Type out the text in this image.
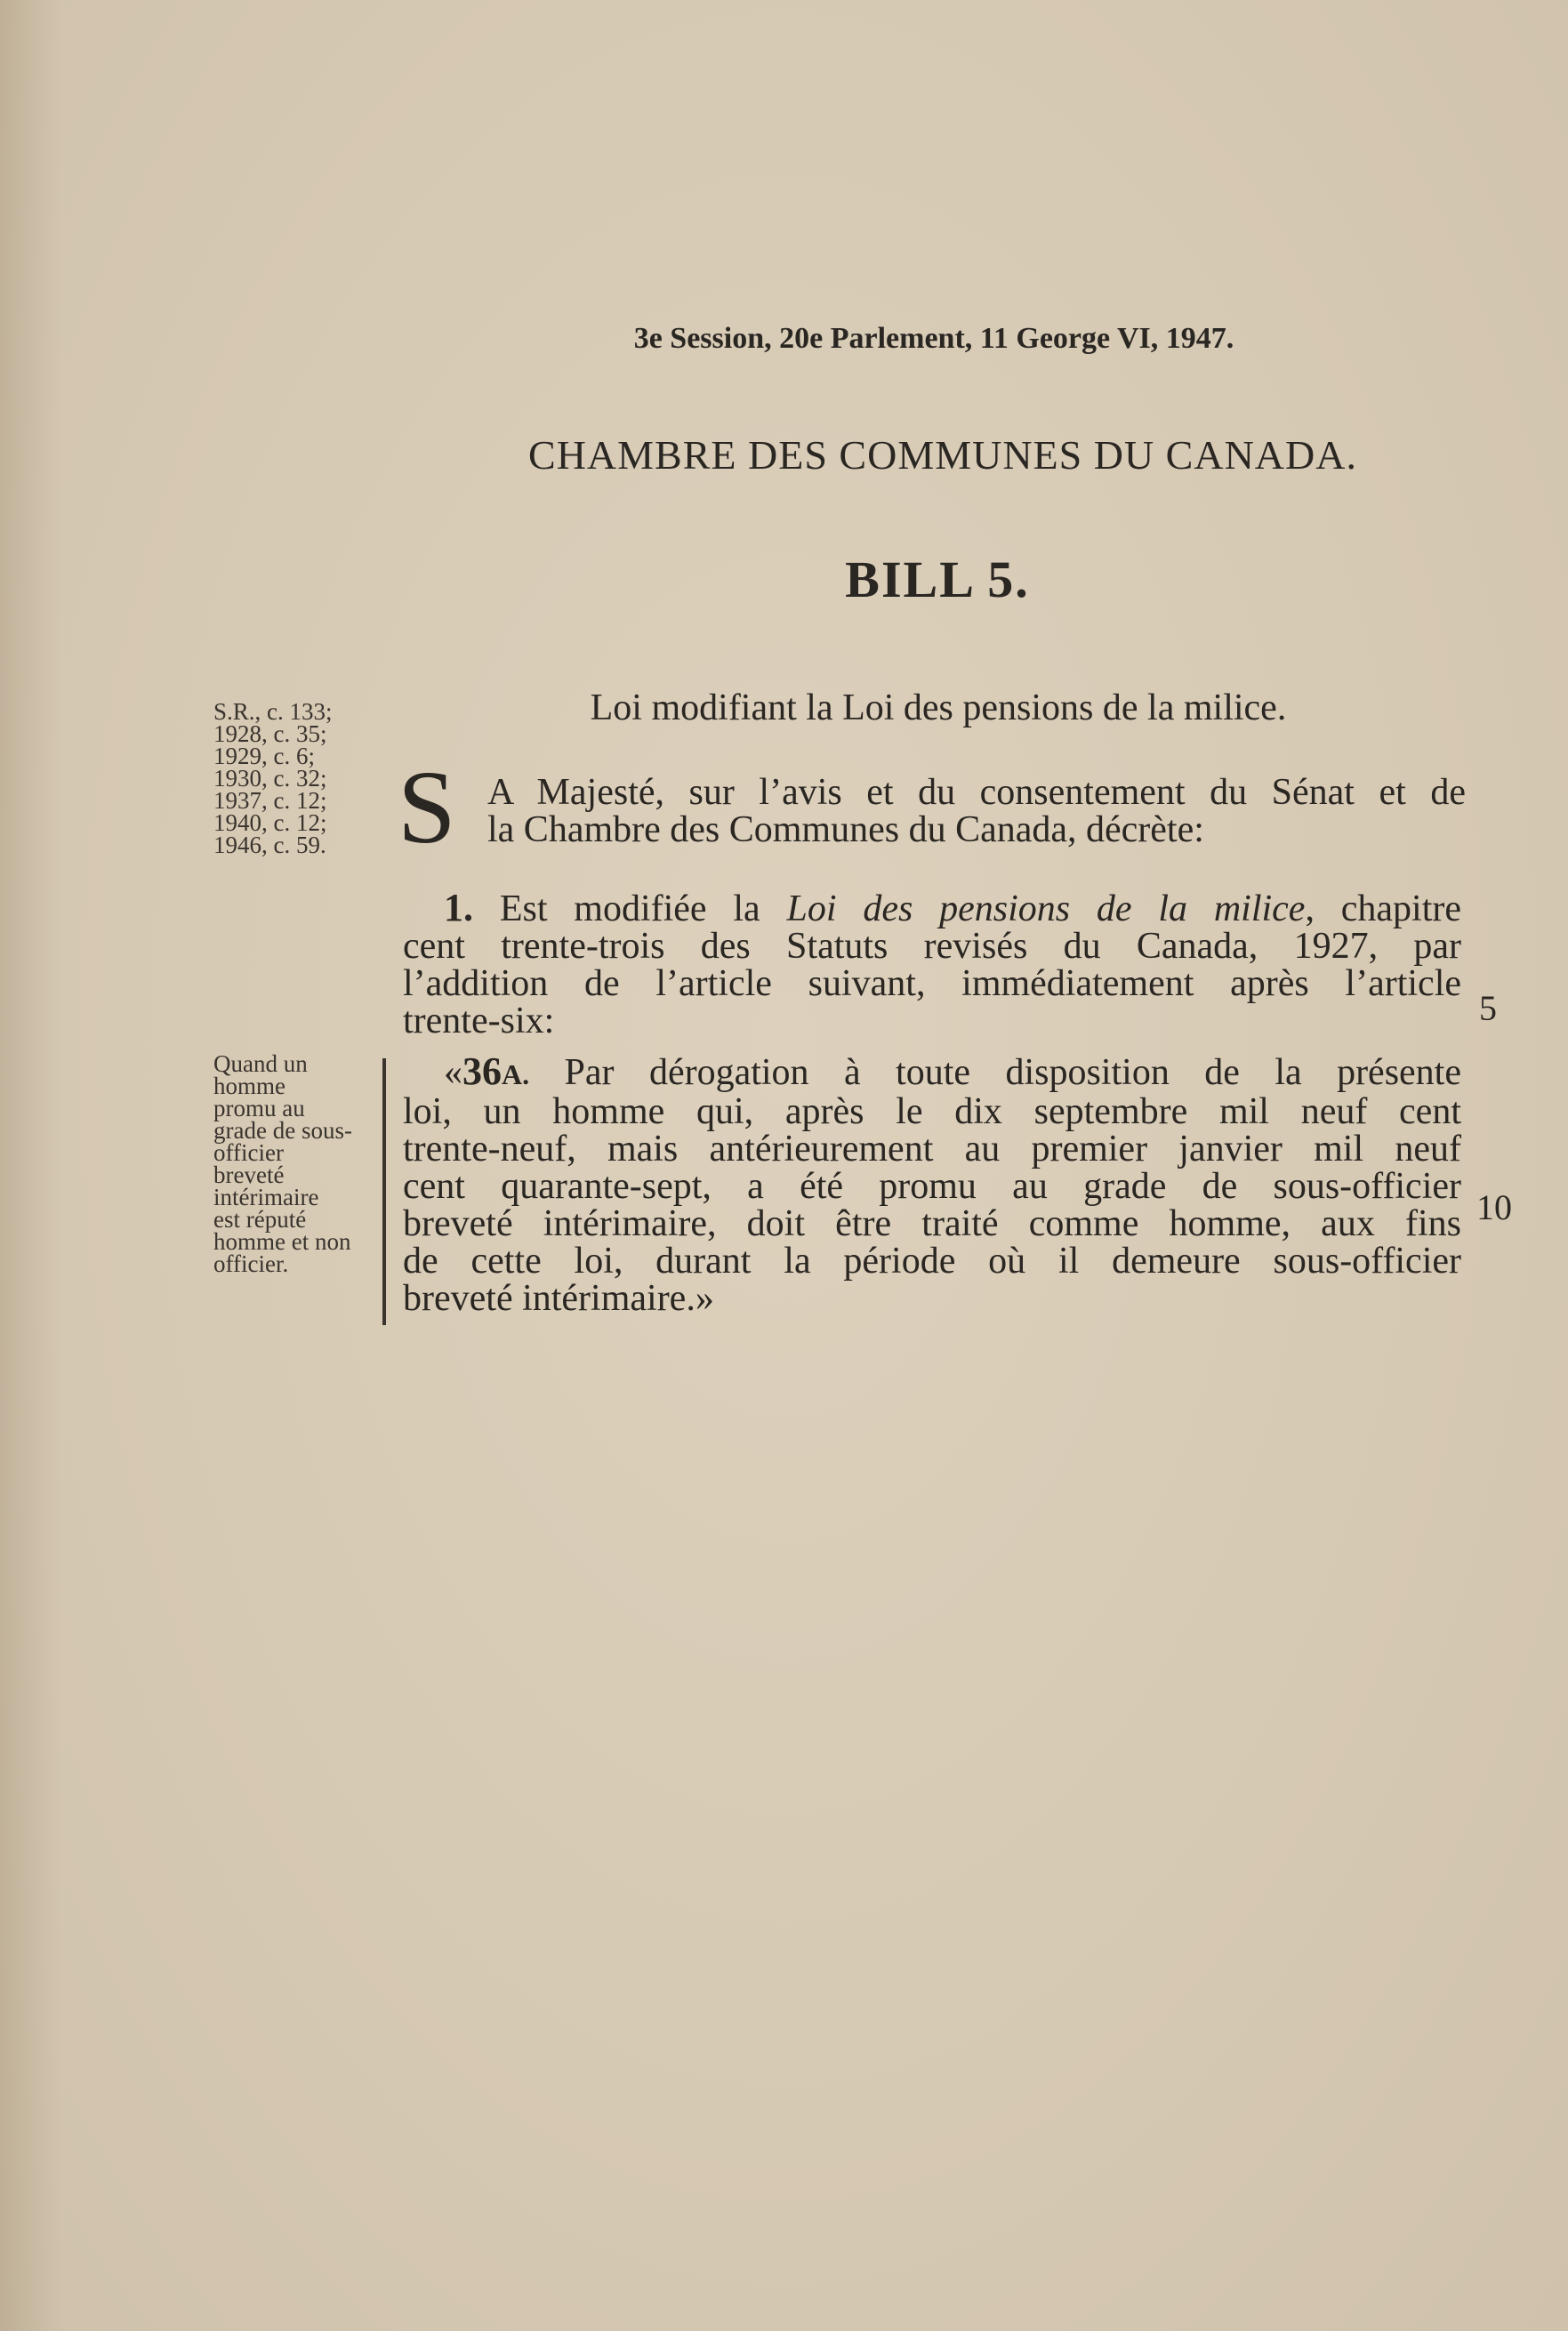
3e Session, 20e Parlement, 11 George VI, 1947.
CHAMBRE DES COMMUNES DU CANADA.
BILL 5.
Loi modifiant la Loi des pensions de la milice.
S.R., c. 133;
1928, c. 35;
1929, c. 6;
1930, c. 32;
1937, c. 12;
1940, c. 12;
1946, c. 59. S A Majesté, sur l’avis et du consentement du Sénat et de
la Chambre des Communes du Canada, décrète:
1. Est modifiée la Loi des pensions de la milice, chapitre
cent trente-trois des Statuts revisés du Canada, 1927, par
l’addition de l’article suivant, immédiatement après l’article
trente-six:
Quand un
homme
promu au
grade de sous-
officier
breveté
intérimaire
est réputé
homme et non
officier.
«36A. Par dérogation à toute disposition de la présente
loi, un homme qui, après le dix septembre mil neuf cent
trente-neuf, mais antérieurement au premier janvier mil neuf
cent quarante-sept, a été promu au grade de sous-officier
breveté intérimaire, doit être traité comme homme, aux fins
de cette loi, durant la période où il demeure sous-officier
breveté intérimaire.»
5
10
